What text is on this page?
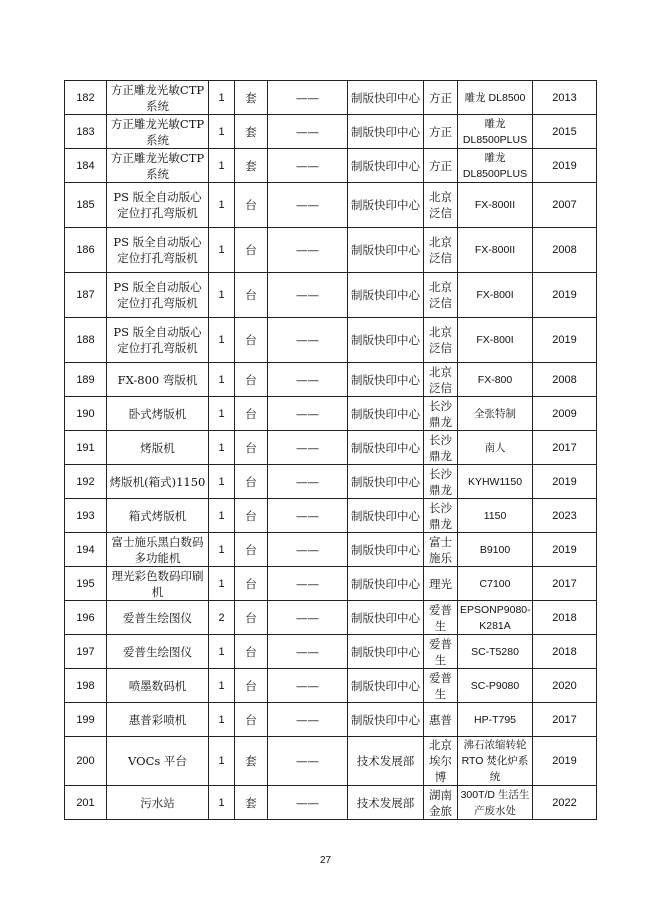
182	方正雕龙光敏CTP 系统	1	套	——	制版快印中心	方正	雕龙 DL8500	2013
183	方正雕龙光敏CTP 系统	1	套	——	制版快印中心	方正	雕龙DL8500PLUS	2015
184	方正雕龙光敏CTP 系统	1	套	——	制版快印中心	方正	雕龙DL8500PLUS	2019
185	PS 版全自动版心定位打孔弯版机	1	台	——	制版快印中心	北京泛信	FX-800II	2007
186	PS 版全自动版心定位打孔弯版机	1	台	——	制版快印中心	北京泛信	FX-800II	2008
187	PS 版全自动版心定位打孔弯版机	1	台	——	制版快印中心	北京泛信	FX-800I	2019
188	PS 版全自动版心定位打孔弯版机	1	台	——	制版快印中心	北京泛信	FX-800I	2019
189	FX-800 弯版机	1	台	——	制版快印中心	北京泛信	FX-800	2008
190	卧式烤版机	1	台	——	制版快印中心	长沙鼎龙	全张特制	2009
191	烤版机	1	台	——	制版快印中心	长沙鼎龙	南人	2017
192	烤版机(箱式)1150	1	台	——	制版快印中心	长沙鼎龙	KYHW1150	2019
193	箱式烤版机	1	台	——	制版快印中心	长沙鼎龙	1150	2023
194	富士施乐黑白数码多功能机	1	台	——	制版快印中心	富士施乐	B9100	2019
195	理光彩色数码印刷机	1	台	——	制版快印中心	理光	C7100	2017
196	爱普生绘图仪	2	台	——	制版快印中心	爱普生	EPSONP9080-K281A	2018
197	爱普生绘图仪	1	台	——	制版快印中心	爱普生	SC-T5280	2018
198	喷墨数码机	1	台	——	制版快印中心	爱普生	SC-P9080	2020
199	惠普彩喷机	1	台	——	制版快印中心	惠普	HP-T795	2017
200	VOCs 平台	1	套	——	技术发展部	北京埃尔博	沸石浓缩转轮 RTO 焚化炉系统	2019
201	污水站	1	套	——	技术发展部	湖南金旅	300T/D 生活生产废水处	2022
27
